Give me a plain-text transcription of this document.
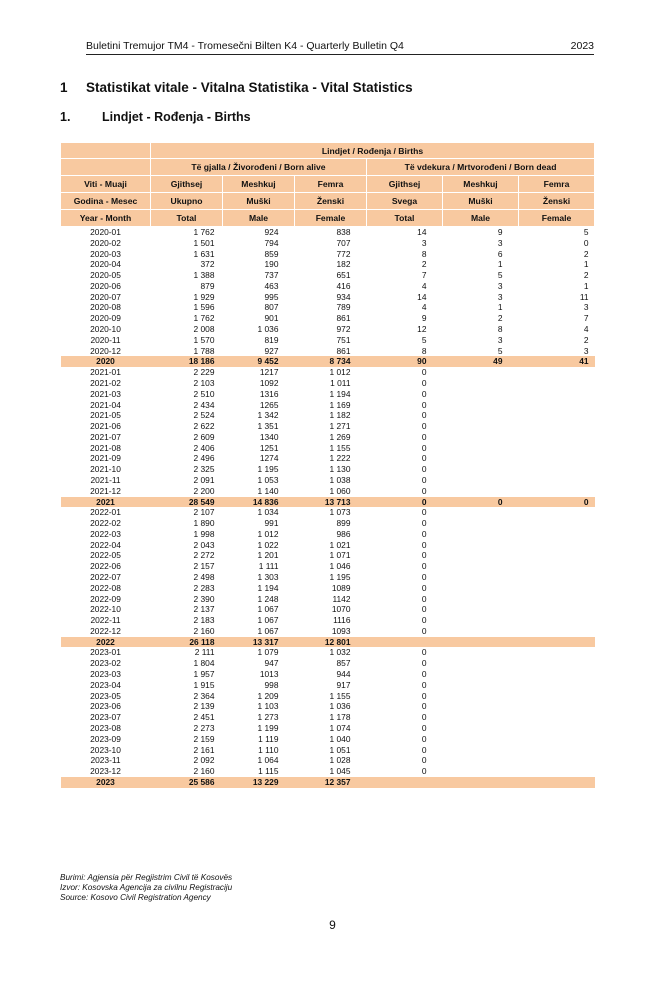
Buletini Tremujor TM4 - Tromesečni Bilten K4 - Quarterly Bulletin Q4	2023
1 Statistikat vitale - Vitalna Statistika - Vital Statistics
1.	Lindjet - Rođenja - Births
	Lindjet / Rođenja / Births					
	Të gjalla / Živorođeni / Born alive			Të vdekura / Mrtvorođeni / Born dead		
Viti - Muaji	Gjithsej	Meshkuj	Femra	Gjithsej	Meshkuj	Femra
Godina - Mesec	Ukupno	Muški	Ženski	Svega	Muški	Ženski
Year - Month	Total	Male	Female	Total	Male	Female
2020-01	1 762	924	838	14	9	5
2020-02	1 501	794	707	3	3	0
2020-03	1 631	859	772	8	6	2
2020-04	372	190	182	2	1	1
2020-05	1 388	737	651	7	5	2
2020-06	879	463	416	4	3	1
2020-07	1 929	995	934	14	3	11
2020-08	1 596	807	789	4	1	3
2020-09	1 762	901	861	9	2	7
2020-10	2 008	1 036	972	12	8	4
2020-11	1 570	819	751	5	3	2
2020-12	1 788	927	861	8	5	3
2020	18 186	9 452	8 734	90	49	41
2021-01	2 229	1217	1 012	0		
2021-02	2 103	1092	1 011	0		
2021-03	2 510	1316	1 194	0		
2021-04	2 434	1265	1 169	0		
2021-05	2 524	1 342	1 182	0		
2021-06	2 622	1 351	1 271	0		
2021-07	2 609	1340	1 269	0		
2021-08	2 406	1251	1 155	0		
2021-09	2 496	1274	1 222	0		
2021-10	2 325	1 195	1 130	0		
2021-11	2 091	1 053	1 038	0		
2021-12	2 200	1 140	1 060	0		
2021	28 549	14 836	13 713	0	0	0
2022-01	2 107	1 034	1 073	0		
2022-02	1 890	991	899	0		
2022-03	1 998	1 012	986	0		
2022-04	2 043	1 022	1 021	0		
2022-05	2 272	1 201	1 071	0		
2022-06	2 157	1 111	1 046	0		
2022-07	2 498	1 303	1 195	0		
2022-08	2 283	1 194	1089	0		
2022-09	2 390	1 248	1142	0		
2022-10	2 137	1 067	1070	0		
2022-11	2 183	1 067	1116	0		
2022-12	2 160	1 067	1093	0		
2022	26 118	13 317	12 801			
2023-01	2 111	1 079	1 032	0		
2023-02	1 804	947	857	0		
2023-03	1 957	1013	944	0		
2023-04	1 915	998	917	0		
2023-05	2 364	1 209	1 155	0		
2023-06	2 139	1 103	1 036	0		
2023-07	2 451	1 273	1 178	0		
2023-08	2 273	1 199	1 074	0		
2023-09	2 159	1 119	1 040	0		
2023-10	2 161	1 110	1 051	0		
2023-11	2 092	1 064	1 028	0		
2023-12	2 160	1 115	1 045	0		
2023	25 586	13 229	12 357			
Burimi: Agjensia për Regjistrim Civil të Kosovës
Izvor: Kosovska Agencija za civilnu Registraciju
Source: Kosovo Civil Registration Agency
9
